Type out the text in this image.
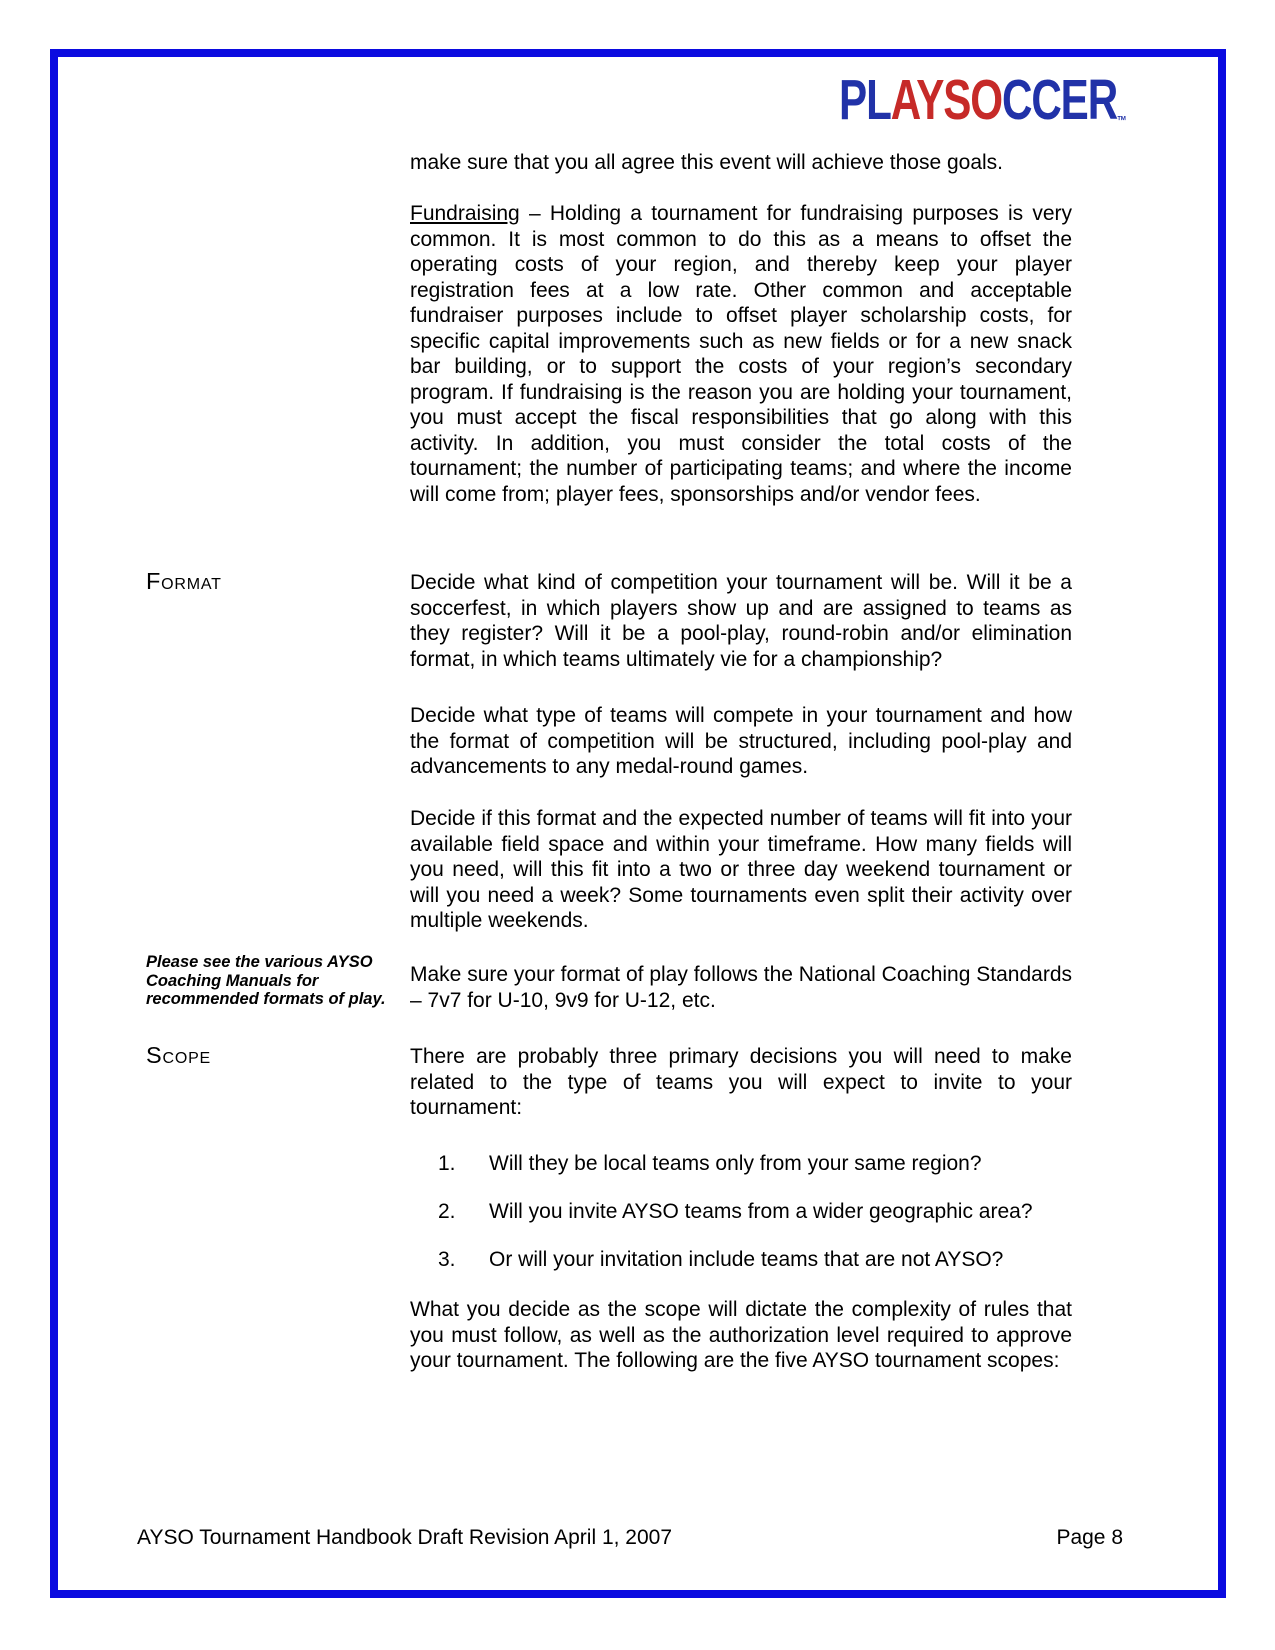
PLAYSOCCER™

make sure that you all agree this event will achieve those goals.

Fundraising – Holding a tournament for fundraising purposes is very common. It is most common to do this as a means to offset the operating costs of your region, and thereby keep your player registration fees at a low rate. Other common and acceptable fundraiser purposes include to offset player scholarship costs, for specific capital improvements such as new fields or for a new snack bar building, or to support the costs of your region’s secondary program. If fundraising is the reason you are holding your tournament, you must accept the fiscal responsibilities that go along with this activity. In addition, you must consider the total costs of the tournament; the number of participating teams; and where the income will come from; player fees, sponsorships and/or vendor fees.

Format	Decide what kind of competition your tournament will be. Will it be a soccerfest, in which players show up and are assigned to teams as they register? Will it be a pool-play, round-robin and/or elimination format, in which teams ultimately vie for a championship?

Decide what type of teams will compete in your tournament and how the format of competition will be structured, including pool-play and advancements to any medal-round games.

Decide if this format and the expected number of teams will fit into your available field space and within your timeframe. How many fields will you need, will this fit into a two or three day weekend tournament or will you need a week? Some tournaments even split their activity over multiple weekends.

Please see the various AYSO Coaching Manuals for recommended formats of play.

Make sure your format of play follows the National Coaching Standards – 7v7 for U-10, 9v9 for U-12, etc.

Scope	There are probably three primary decisions you will need to make related to the type of teams you will expect to invite to your tournament:

1. Will they be local teams only from your same region?
2. Will you invite AYSO teams from a wider geographic area?
3. Or will your invitation include teams that are not AYSO?

What you decide as the scope will dictate the complexity of rules that you must follow, as well as the authorization level required to approve your tournament. The following are the five AYSO tournament scopes:

AYSO Tournament Handbook Draft Revision April 1, 2007	Page 8
